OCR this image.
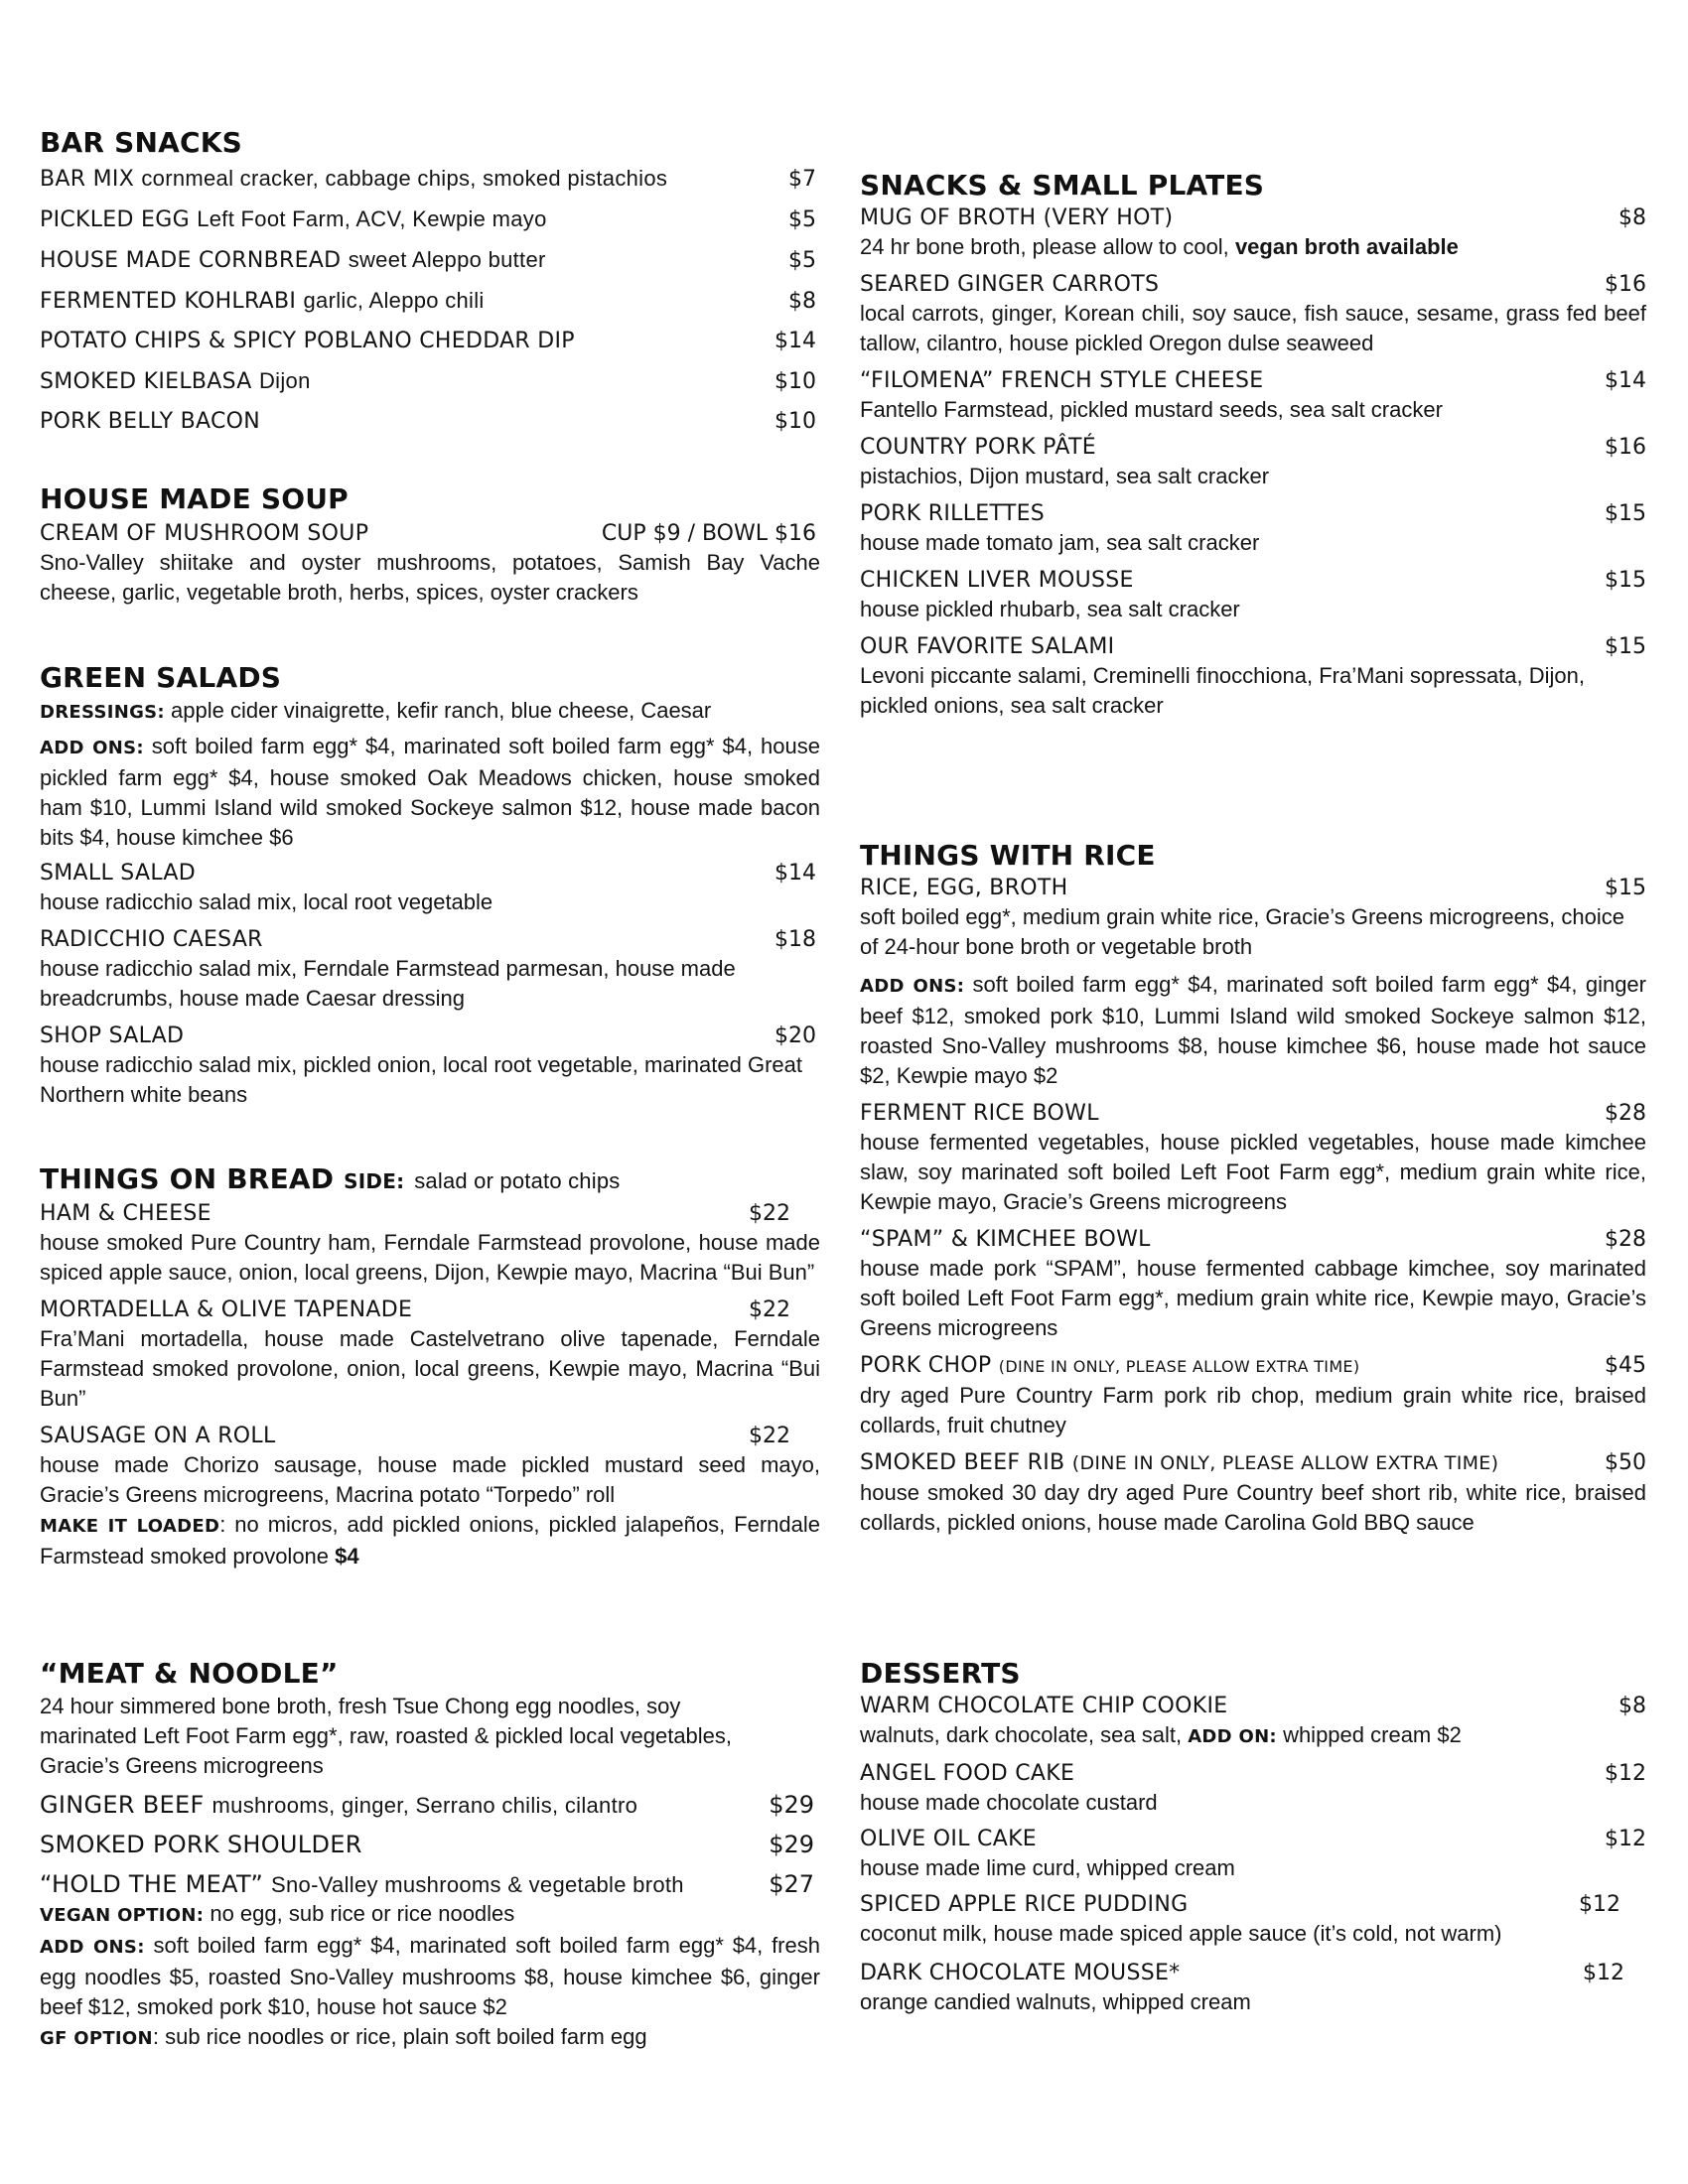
BAR SNACKS
BAR MIX cornmeal cracker, cabbage chips, smoked pistachios	$7
PICKLED EGG Left Foot Farm, ACV, Kewpie mayo	$5
HOUSE MADE CORNBREAD sweet Aleppo butter	$5
FERMENTED KOHLRABI garlic, Aleppo chili	$8
POTATO CHIPS & SPICY POBLANO CHEDDAR DIP	$14
SMOKED KIELBASA Dijon	$10
PORK BELLY BACON	$10
HOUSE MADE SOUP
CREAM OF MUSHROOM SOUP	CUP $9 / BOWL $16

Sno-Valley shiitake and oyster mushrooms, potatoes, Samish Bay Vache cheese, garlic, vegetable broth, herbs, spices, oyster crackers

GREEN SALADS

DRESSINGS: apple cider vinaigrette, kefir ranch, blue cheese, Caesar

ADD ONS: soft boiled farm egg* $4, marinated soft boiled farm egg* $4, house pickled farm egg* $4, house smoked Oak Meadows chicken, house smoked ham $10, Lummi Island wild smoked Sockeye salmon $12, house made bacon bits $4, house kimchee $6

SMALL SALAD	$14

house radicchio salad mix, local root vegetable

RADICCHIO CAESAR	$18

house radicchio salad mix, Ferndale Farmstead parmesan, house made breadcrumbs, house made Caesar dressing

SHOP SALAD	$20

house radicchio salad mix, pickled onion, local root vegetable, marinated Great Northern white beans

THINGS ON BREAD SIDE: salad or potato chips
HAM & CHEESE	$22

house smoked Pure Country ham, Ferndale Farmstead provolone, house made spiced apple sauce, onion, local greens, Dijon, Kewpie mayo, Macrina “Bui Bun”

MORTADELLA & OLIVE TAPENADE	$22

Fra’Mani mortadella, house made Castelvetrano olive tapenade, Ferndale Farmstead smoked provolone, onion, local greens, Kewpie mayo, Macrina “Bui Bun”

SAUSAGE ON A ROLL	$22

house made Chorizo sausage, house made pickled mustard seed mayo, Gracie’s Greens microgreens, Macrina potato “Torpedo” roll

MAKE IT LOADED: no micros, add pickled onions, pickled jalapeños, Ferndale Farmstead smoked provolone $4

“MEAT & NOODLE”

24 hour simmered bone broth, fresh Tsue Chong egg noodles, soy marinated Left Foot Farm egg*, raw, roasted & pickled local vegetables, Gracie’s Greens microgreens

GINGER BEEF mushrooms, ginger, Serrano chilis, cilantro	$29
SMOKED PORK SHOULDER	$29
“HOLD THE MEAT” Sno-Valley mushrooms & vegetable broth	$27

VEGAN OPTION: no egg, sub rice or rice noodles

ADD ONS: soft boiled farm egg* $4, marinated soft boiled farm egg* $4, fresh egg noodles $5, roasted Sno-Valley mushrooms $8, house kimchee $6, ginger beef $12, smoked pork $10, house hot sauce $2

GF OPTION: sub rice noodles or rice, plain soft boiled farm egg

SNACKS & SMALL PLATES
MUG OF BROTH (VERY HOT)	$8

24 hr bone broth, please allow to cool, vegan broth available

SEARED GINGER CARROTS	$16

local carrots, ginger, Korean chili, soy sauce, fish sauce, sesame, grass fed beef tallow, cilantro, house pickled Oregon dulse seaweed

“FILOMENA” FRENCH STYLE CHEESE	$14

Fantello Farmstead, pickled mustard seeds, sea salt cracker

COUNTRY PORK PÂTÉ	$16

pistachios, Dijon mustard, sea salt cracker

PORK RILLETTES	$15

house made tomato jam, sea salt cracker

CHICKEN LIVER MOUSSE	$15

house pickled rhubarb, sea salt cracker

OUR FAVORITE SALAMI	$15

Levoni piccante salami, Creminelli finocchiona, Fra’Mani sopressata, Dijon, pickled onions, sea salt cracker

THINGS WITH RICE
RICE, EGG, BROTH	$15

soft boiled egg*, medium grain white rice, Gracie’s Greens microgreens, choice of 24-hour bone broth or vegetable broth

ADD ONS: soft boiled farm egg* $4, marinated soft boiled farm egg* $4, ginger beef $12, smoked pork $10, Lummi Island wild smoked Sockeye salmon $12, roasted Sno-Valley mushrooms $8, house kimchee $6, house made hot sauce $2, Kewpie mayo $2

FERMENT RICE BOWL	$28

house fermented vegetables, house pickled vegetables, house made kimchee slaw, soy marinated soft boiled Left Foot Farm egg*, medium grain white rice, Kewpie mayo, Gracie’s Greens microgreens

“SPAM” & KIMCHEE BOWL	$28

house made pork “SPAM”, house fermented cabbage kimchee, soy marinated soft boiled Left Foot Farm egg*, medium grain white rice, Kewpie mayo, Gracie’s Greens microgreens

PORK CHOP (DINE IN ONLY, PLEASE ALLOW EXTRA TIME)	$45

dry aged Pure Country Farm pork rib chop, medium grain white rice, braised collards, fruit chutney

SMOKED BEEF RIB (DINE IN ONLY, PLEASE ALLOW EXTRA TIME)	$50

house smoked 30 day dry aged Pure Country beef short rib, white rice, braised collards, pickled onions, house made Carolina Gold BBQ sauce

DESSERTS
WARM CHOCOLATE CHIP COOKIE	$8

walnuts, dark chocolate, sea salt, ADD ON: whipped cream $2

ANGEL FOOD CAKE	$12

house made chocolate custard

OLIVE OIL CAKE	$12

house made lime curd, whipped cream

SPICED APPLE RICE PUDDING	$12

coconut milk, house made spiced apple sauce (it’s cold, not warm)

DARK CHOCOLATE MOUSSE*	$12

orange candied walnuts, whipped cream
